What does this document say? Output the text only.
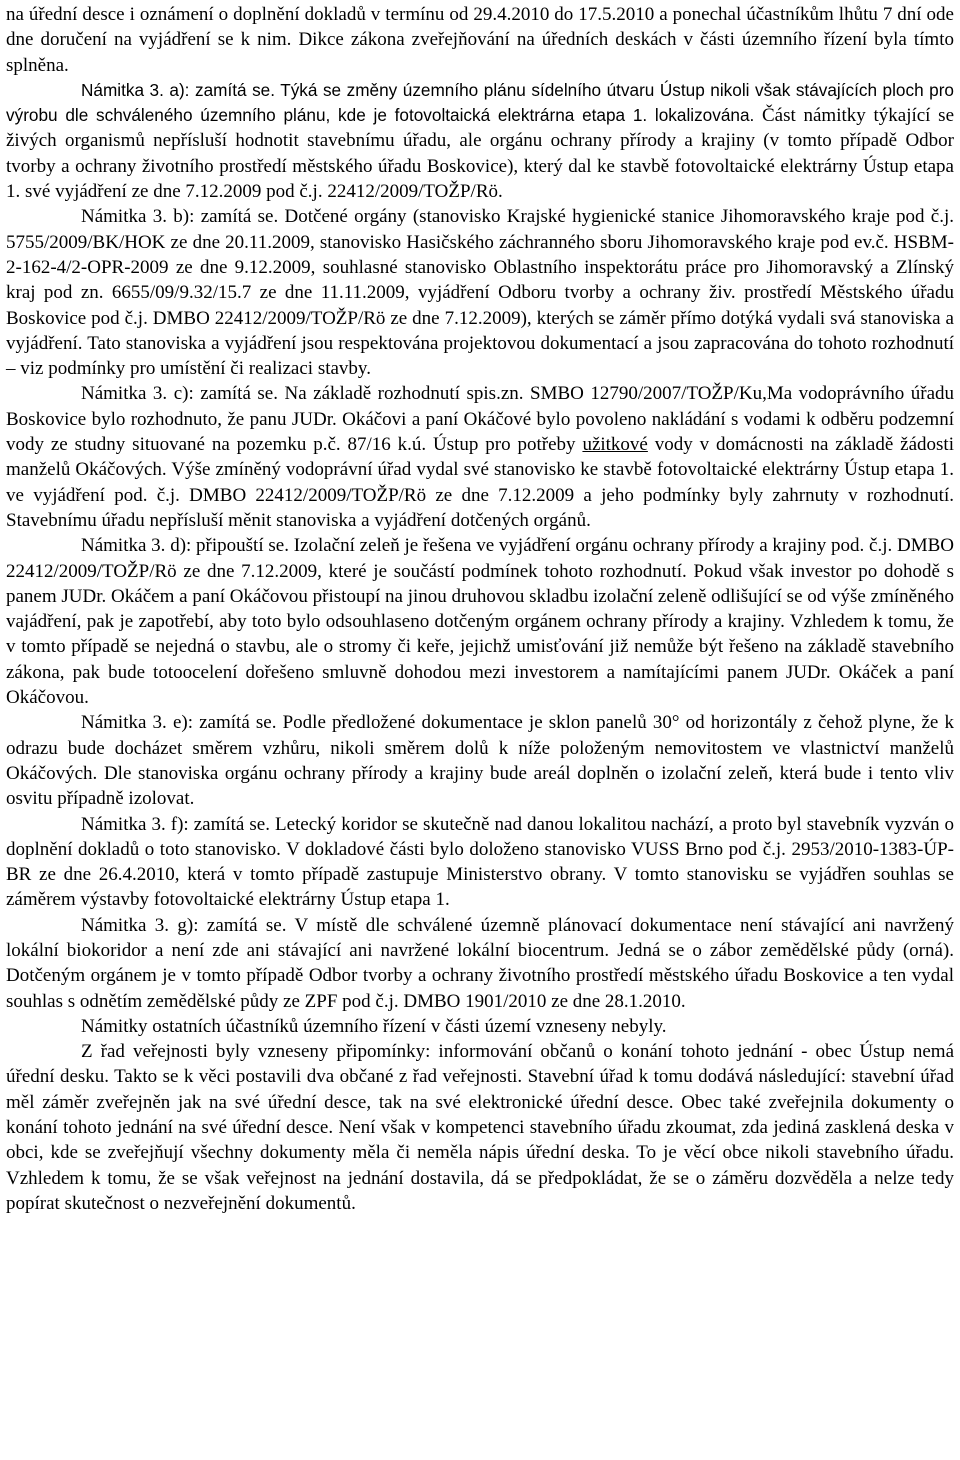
na úřední desce i oznámení o doplnění dokladů v termínu od 29.4.2010 do 17.5.2010 a ponechal účastníkům lhůtu 7 dní ode dne doručení na vyjádření se k nim. Dikce zákona zveřejňování na úředních deskách v části územního řízení byla tímto splněna.

Námitka 3. a): zamítá se. Týká se změny územního plánu sídelního útvaru Ústup nikoli však stávajících ploch pro výrobu dle schváleného územního plánu, kde je fotovoltaická elektrárna etapa 1. lokalizována. Část námitky týkající se živých organismů nepřísluší hodnotit stavebnímu úřadu, ale orgánu ochrany přírody a krajiny (v tomto případě Odbor tvorby a ochrany životního prostředí městského úřadu Boskovice), který dal ke stavbě fotovoltaické elektrárny Ústup etapa 1. své vyjádření ze dne 7.12.2009 pod č.j. 22412/2009/TOŽP/Rö.

Námitka 3. b): zamítá se. Dotčené orgány (stanovisko Krajské hygienické stanice Jihomoravského kraje pod č.j. 5755/2009/BK/HOK ze dne 20.11.2009, stanovisko Hasičského záchranného sboru Jihomoravského kraje pod ev.č. HSBM-2-162-4/2-OPR-2009 ze dne 9.12.2009, souhlasné stanovisko Oblastního inspektorátu práce pro Jihomoravský a Zlínský kraj pod zn. 6655/09/9.32/15.7 ze dne 11.11.2009, vyjádření Odboru tvorby a ochrany živ. prostředí Městského úřadu Boskovice pod č.j. DMBO 22412/2009/TOŽP/Rö ze dne 7.12.2009), kterých se záměr přímo dotýká vydali svá stanoviska a vyjádření. Tato stanoviska a vyjádření jsou respektována projektovou dokumentací a jsou zapracována do tohoto rozhodnutí – viz podmínky pro umístění či realizaci stavby.

Námitka 3. c): zamítá se. Na základě rozhodnutí spis.zn. SMBO 12790/2007/TOŽP/Ku,Ma vodoprávního úřadu Boskovice bylo rozhodnuto, že panu JUDr. Okáčovi a paní Okáčové bylo povoleno nakládání s vodami k odběru podzemní vody ze studny situované na pozemku p.č. 87/16 k.ú. Ústup pro potřeby užitkové vody v domácnosti na základě žádosti manželů Okáčových. Výše zmíněný vodoprávní úřad vydal své stanovisko ke stavbě fotovoltaické elektrárny Ústup etapa 1. ve vyjádření pod. č.j. DMBO 22412/2009/TOŽP/Rö ze dne 7.12.2009 a jeho podmínky byly zahrnuty v rozhodnutí. Stavebnímu úřadu nepřísluší měnit stanoviska a vyjádření dotčených orgánů.

Námitka 3. d): připouští se. Izolační zeleň je řešena ve vyjádření orgánu ochrany přírody a krajiny pod. č.j. DMBO 22412/2009/TOŽP/Rö ze dne 7.12.2009, které je součástí podmínek tohoto rozhodnutí. Pokud však investor po dohodě s panem JUDr. Okáčem a paní Okáčovou přistoupí na jinou druhovou skladbu izolační zeleně odlišující se od výše zmíněného vajádření, pak je zapotřebí, aby toto bylo odsouhlaseno dotčeným orgánem ochrany přírody a krajiny. Vzhledem k tomu, že v tomto případě se nejedná o stavbu, ale o stromy či keře, jejichž umisťování již nemůže být řešeno na základě stavebního zákona, pak bude totoocelení dořešeno smluvně dohodou mezi investorem a namítajícími panem JUDr. Okáček a paní Okáčovou.

Námitka 3. e): zamítá se. Podle předložené dokumentace je sklon panelů 30° od horizontály z čehož plyne, že k odrazu bude docházet směrem vzhůru, nikoli směrem dolů k níže položeným nemovitostem ve vlastnictví manželů Okáčových. Dle stanoviska orgánu ochrany přírody a krajiny bude areál doplněn o izolační zeleň, která bude i tento vliv osvitu případně izolovat.

Námitka 3. f): zamítá se. Letecký koridor se skutečně nad danou lokalitou nachází, a proto byl stavebník vyzván o doplnění dokladů o toto stanovisko. V dokladové části bylo doloženo stanovisko VUSS Brno pod č.j. 2953/2010-1383-ÚP-BR ze dne 26.4.2010, která v tomto případě zastupuje Ministerstvo obrany. V tomto stanovisku se vyjádřen souhlas se záměrem výstavby fotovoltaické elektrárny Ústup etapa 1.

Námitka 3. g): zamítá se. V místě dle schválené územně plánovací dokumentace není stávající ani navržený lokální biokoridor a není zde ani stávající ani navržené lokální biocentrum. Jedná se o zábor zemědělské půdy (orná). Dotčeným orgánem je v tomto případě Odbor tvorby a ochrany životního prostředí městského úřadu Boskovice a ten vydal souhlas s odnětím zemědělské půdy ze ZPF pod č.j. DMBO 1901/2010 ze dne 28.1.2010.

Námitky ostatních účastníků územního řízení v části území vzneseny nebyly.

Z řad veřejnosti byly vzneseny připomínky: informování občanů o konání tohoto jednání - obec Ústup nemá úřední desku. Takto se k věci postavili dva občané z řad veřejnosti. Stavební úřad k tomu dodává následující: stavební úřad měl záměr zveřejněn jak na své úřední desce, tak na své elektronické úřední desce. Obec také zveřejnila dokumenty o konání tohoto jednání na své úřední desce. Není však v kompetenci stavebního úřadu zkoumat, zda jediná zasklená deska v obci, kde se zveřejňují všechny dokumenty měla či neměla nápis úřední deska. To je věcí obce nikoli stavebního úřadu. Vzhledem k tomu, že se však veřejnost na jednání dostavila, dá se předpokládat, že se o záměru dozvěděla a nelze tedy popírat skutečnost o nezveřejnění dokumentů.
